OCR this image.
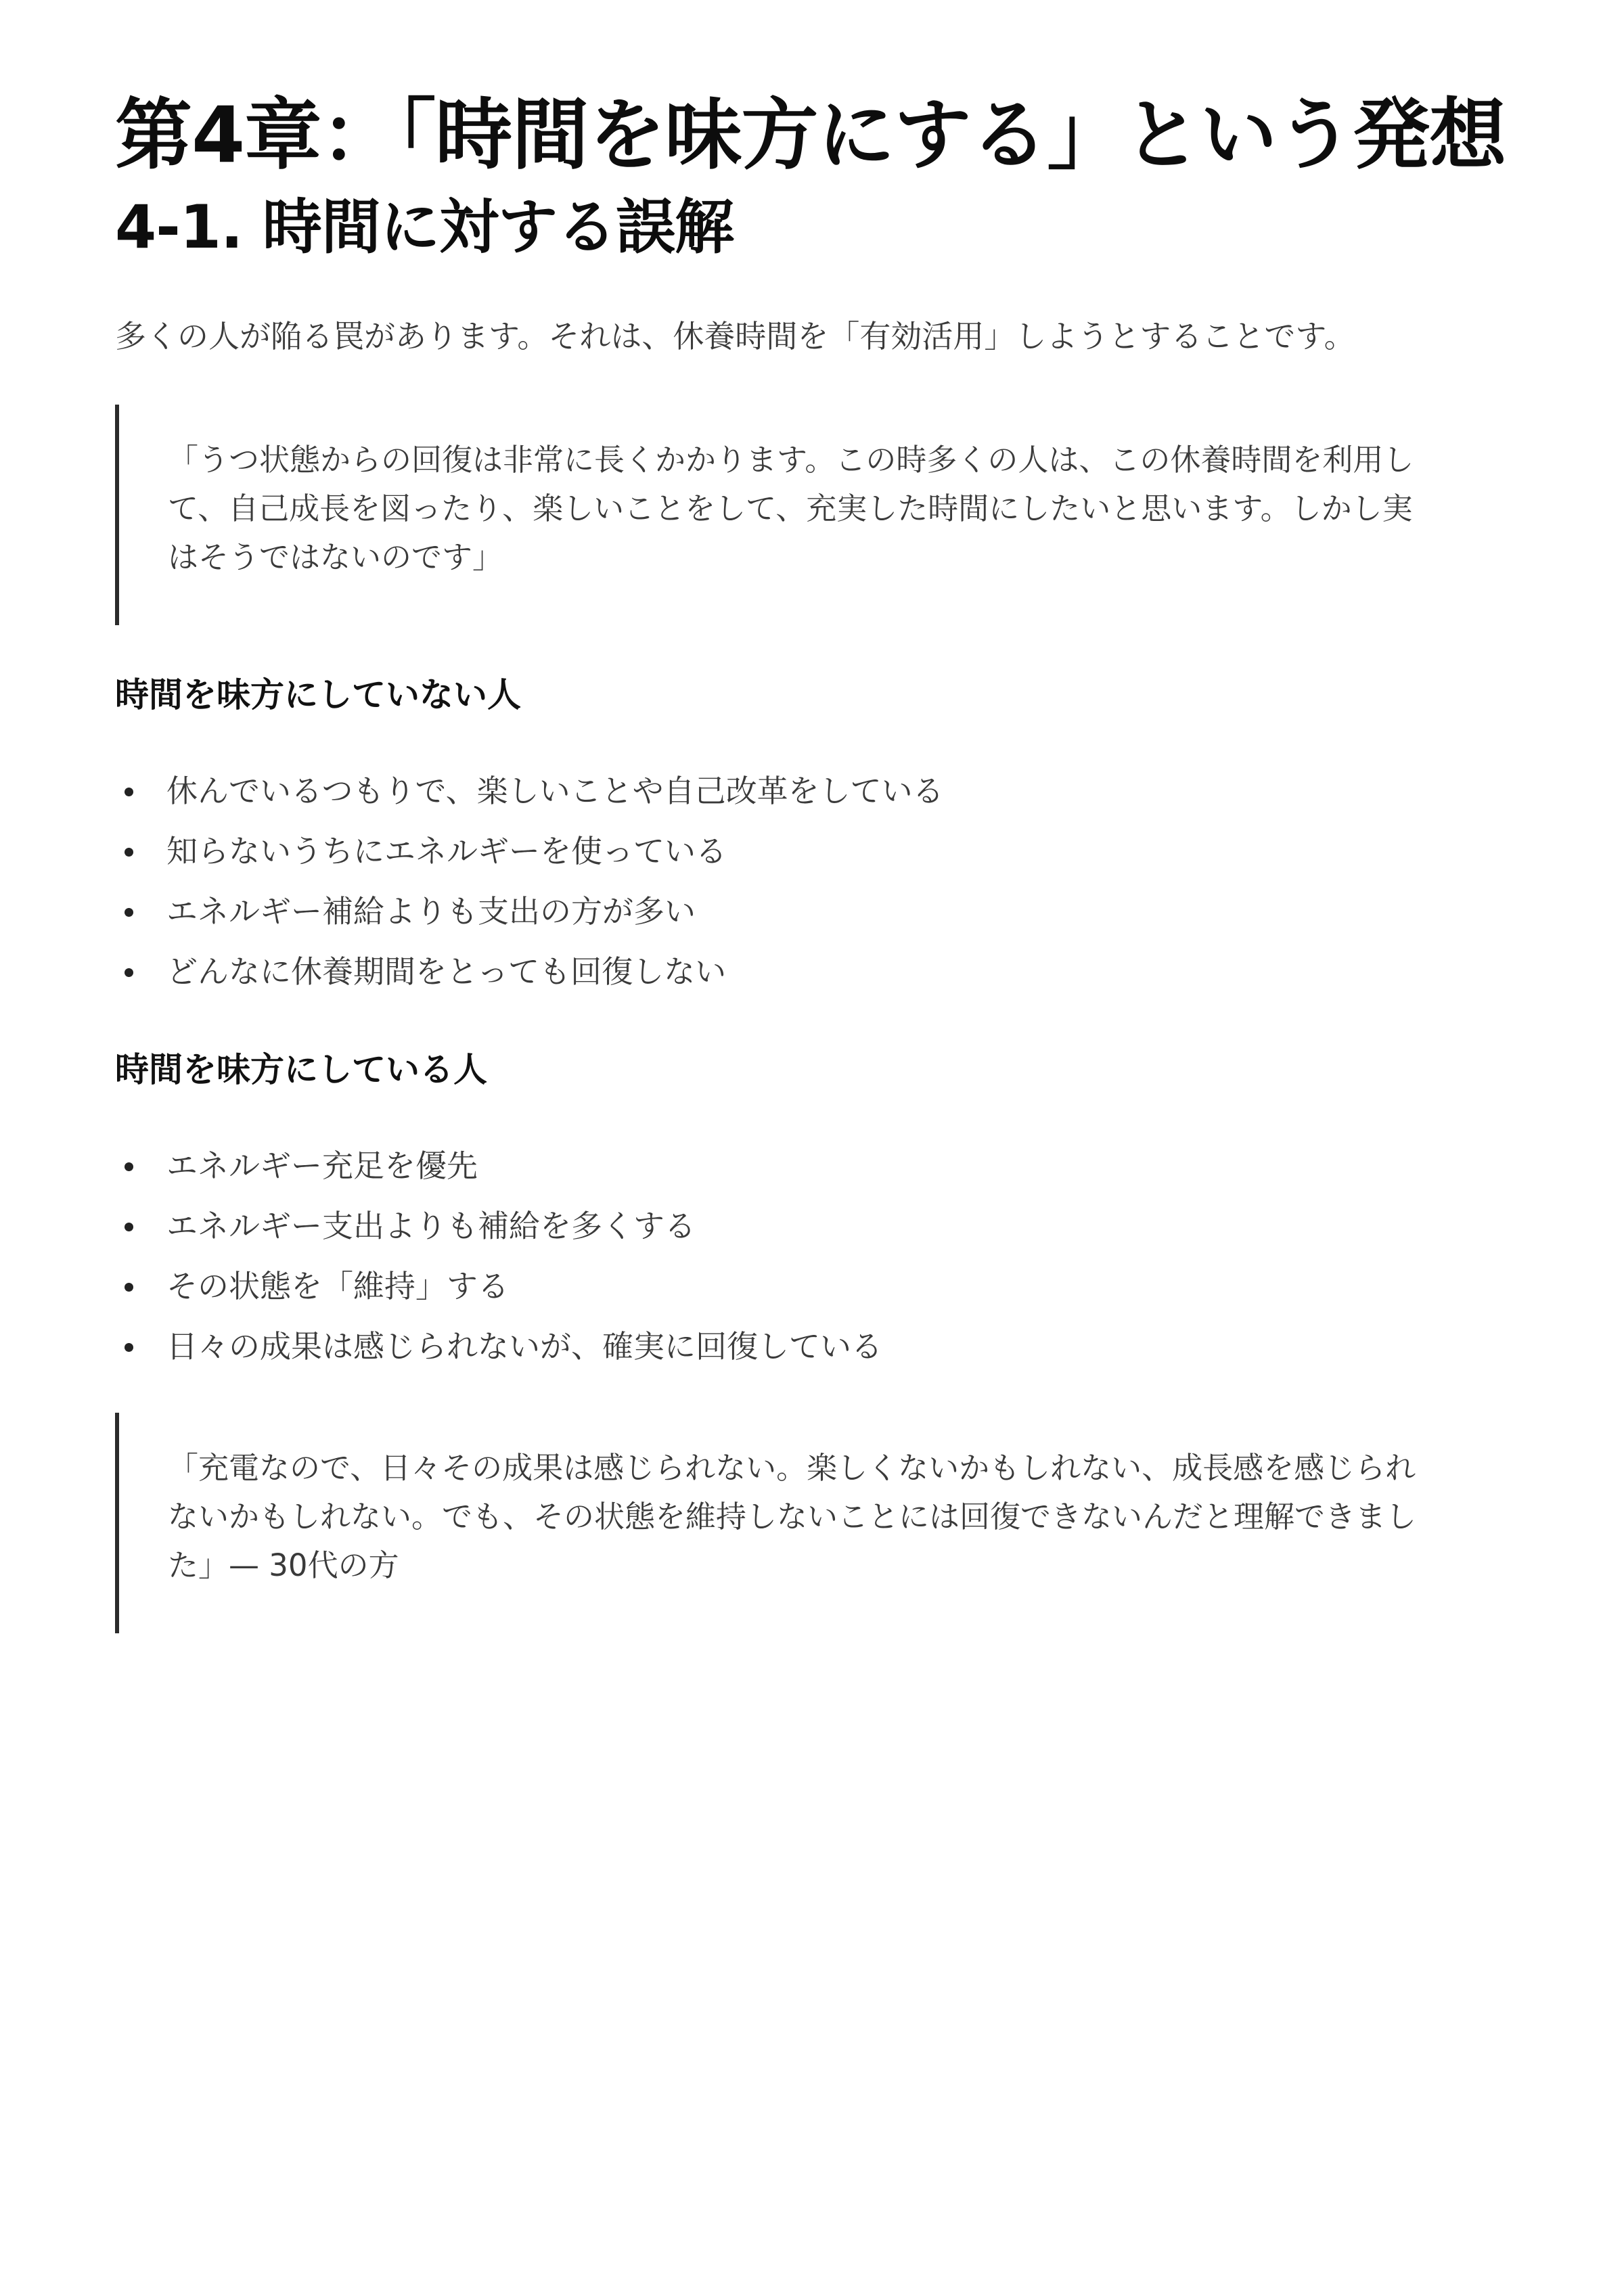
第4章：「時間を味方にする」という発想
4-1. 時間に対する誤解

多くの人が陥る罠があります。それは、休養時間を「有効活用」しようとすることです。

「うつ状態からの回復は非常に長くかかります。この時多くの人は、この休養時間を利用し

て、自己成長を図ったり、楽しいことをして、充実した時間にしたいと思います。しかし実

はそうではないのです」

時間を味方にしていない人
休んでいるつもりで、楽しいことや自己改革をしている
知らないうちにエネルギーを使っている
エネルギー補給よりも支出の方が多い
どんなに休養期間をとっても回復しない
時間を味方にしている人
エネルギー充足を優先
エネルギー支出よりも補給を多くする
その状態を「維持」する
日々の成果は感じられないが、確実に回復している

「充電なので、日々その成果は感じられない。楽しくないかもしれない、成長感を感じられ

ないかもしれない。でも、その状態を維持しないことには回復できないんだと理解できまし

た」— 30代の方
